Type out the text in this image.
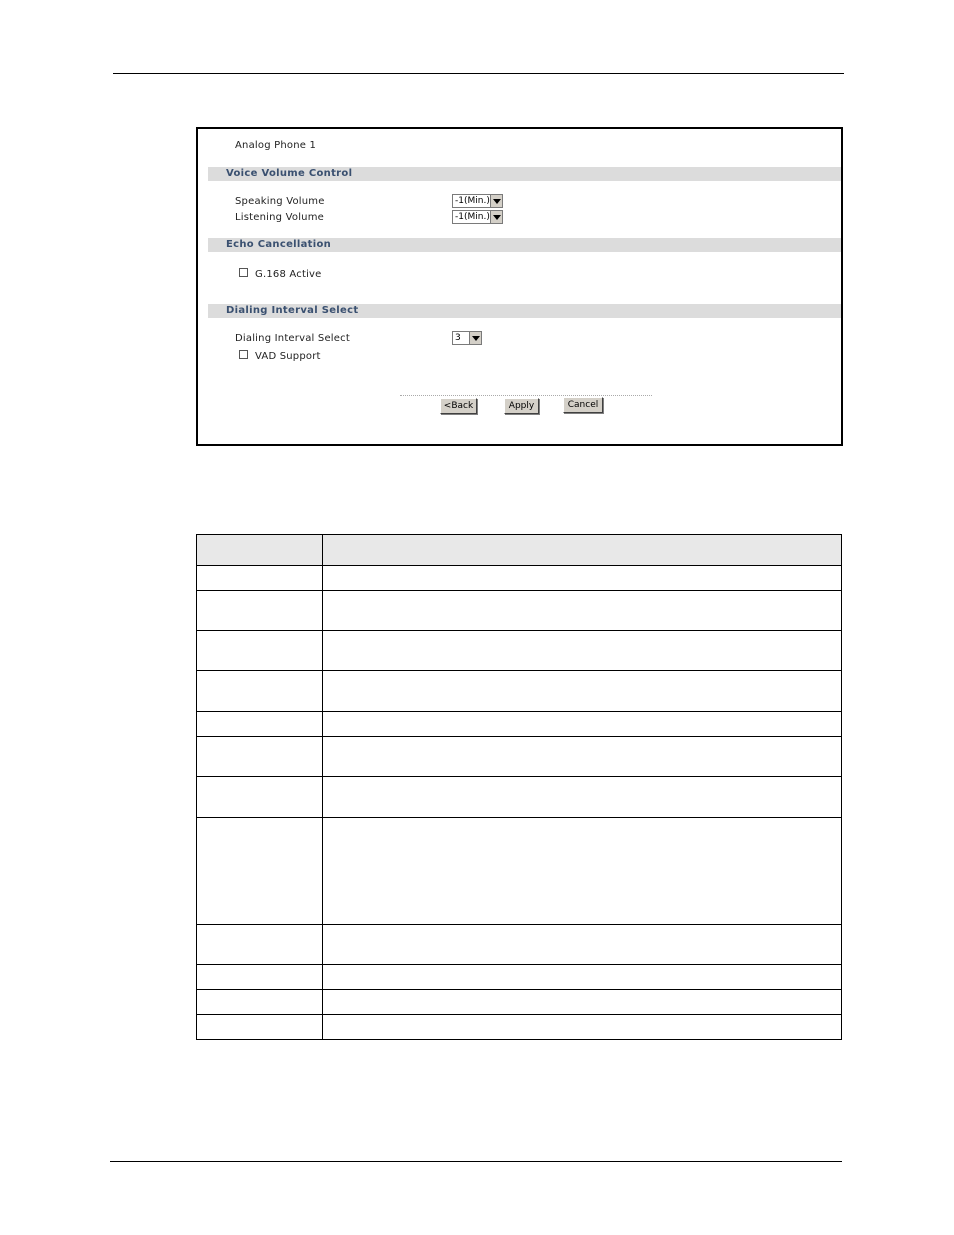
Analog Phone 1
Voice Volume Control
Speaking Volume	-1(Min.)
Listening Volume	-1(Min.)
Echo Cancellation
G.168 Active
Dialing Interval Select
Dialing Interval Select	3
VAD Support
<Back	Apply	Cancel
